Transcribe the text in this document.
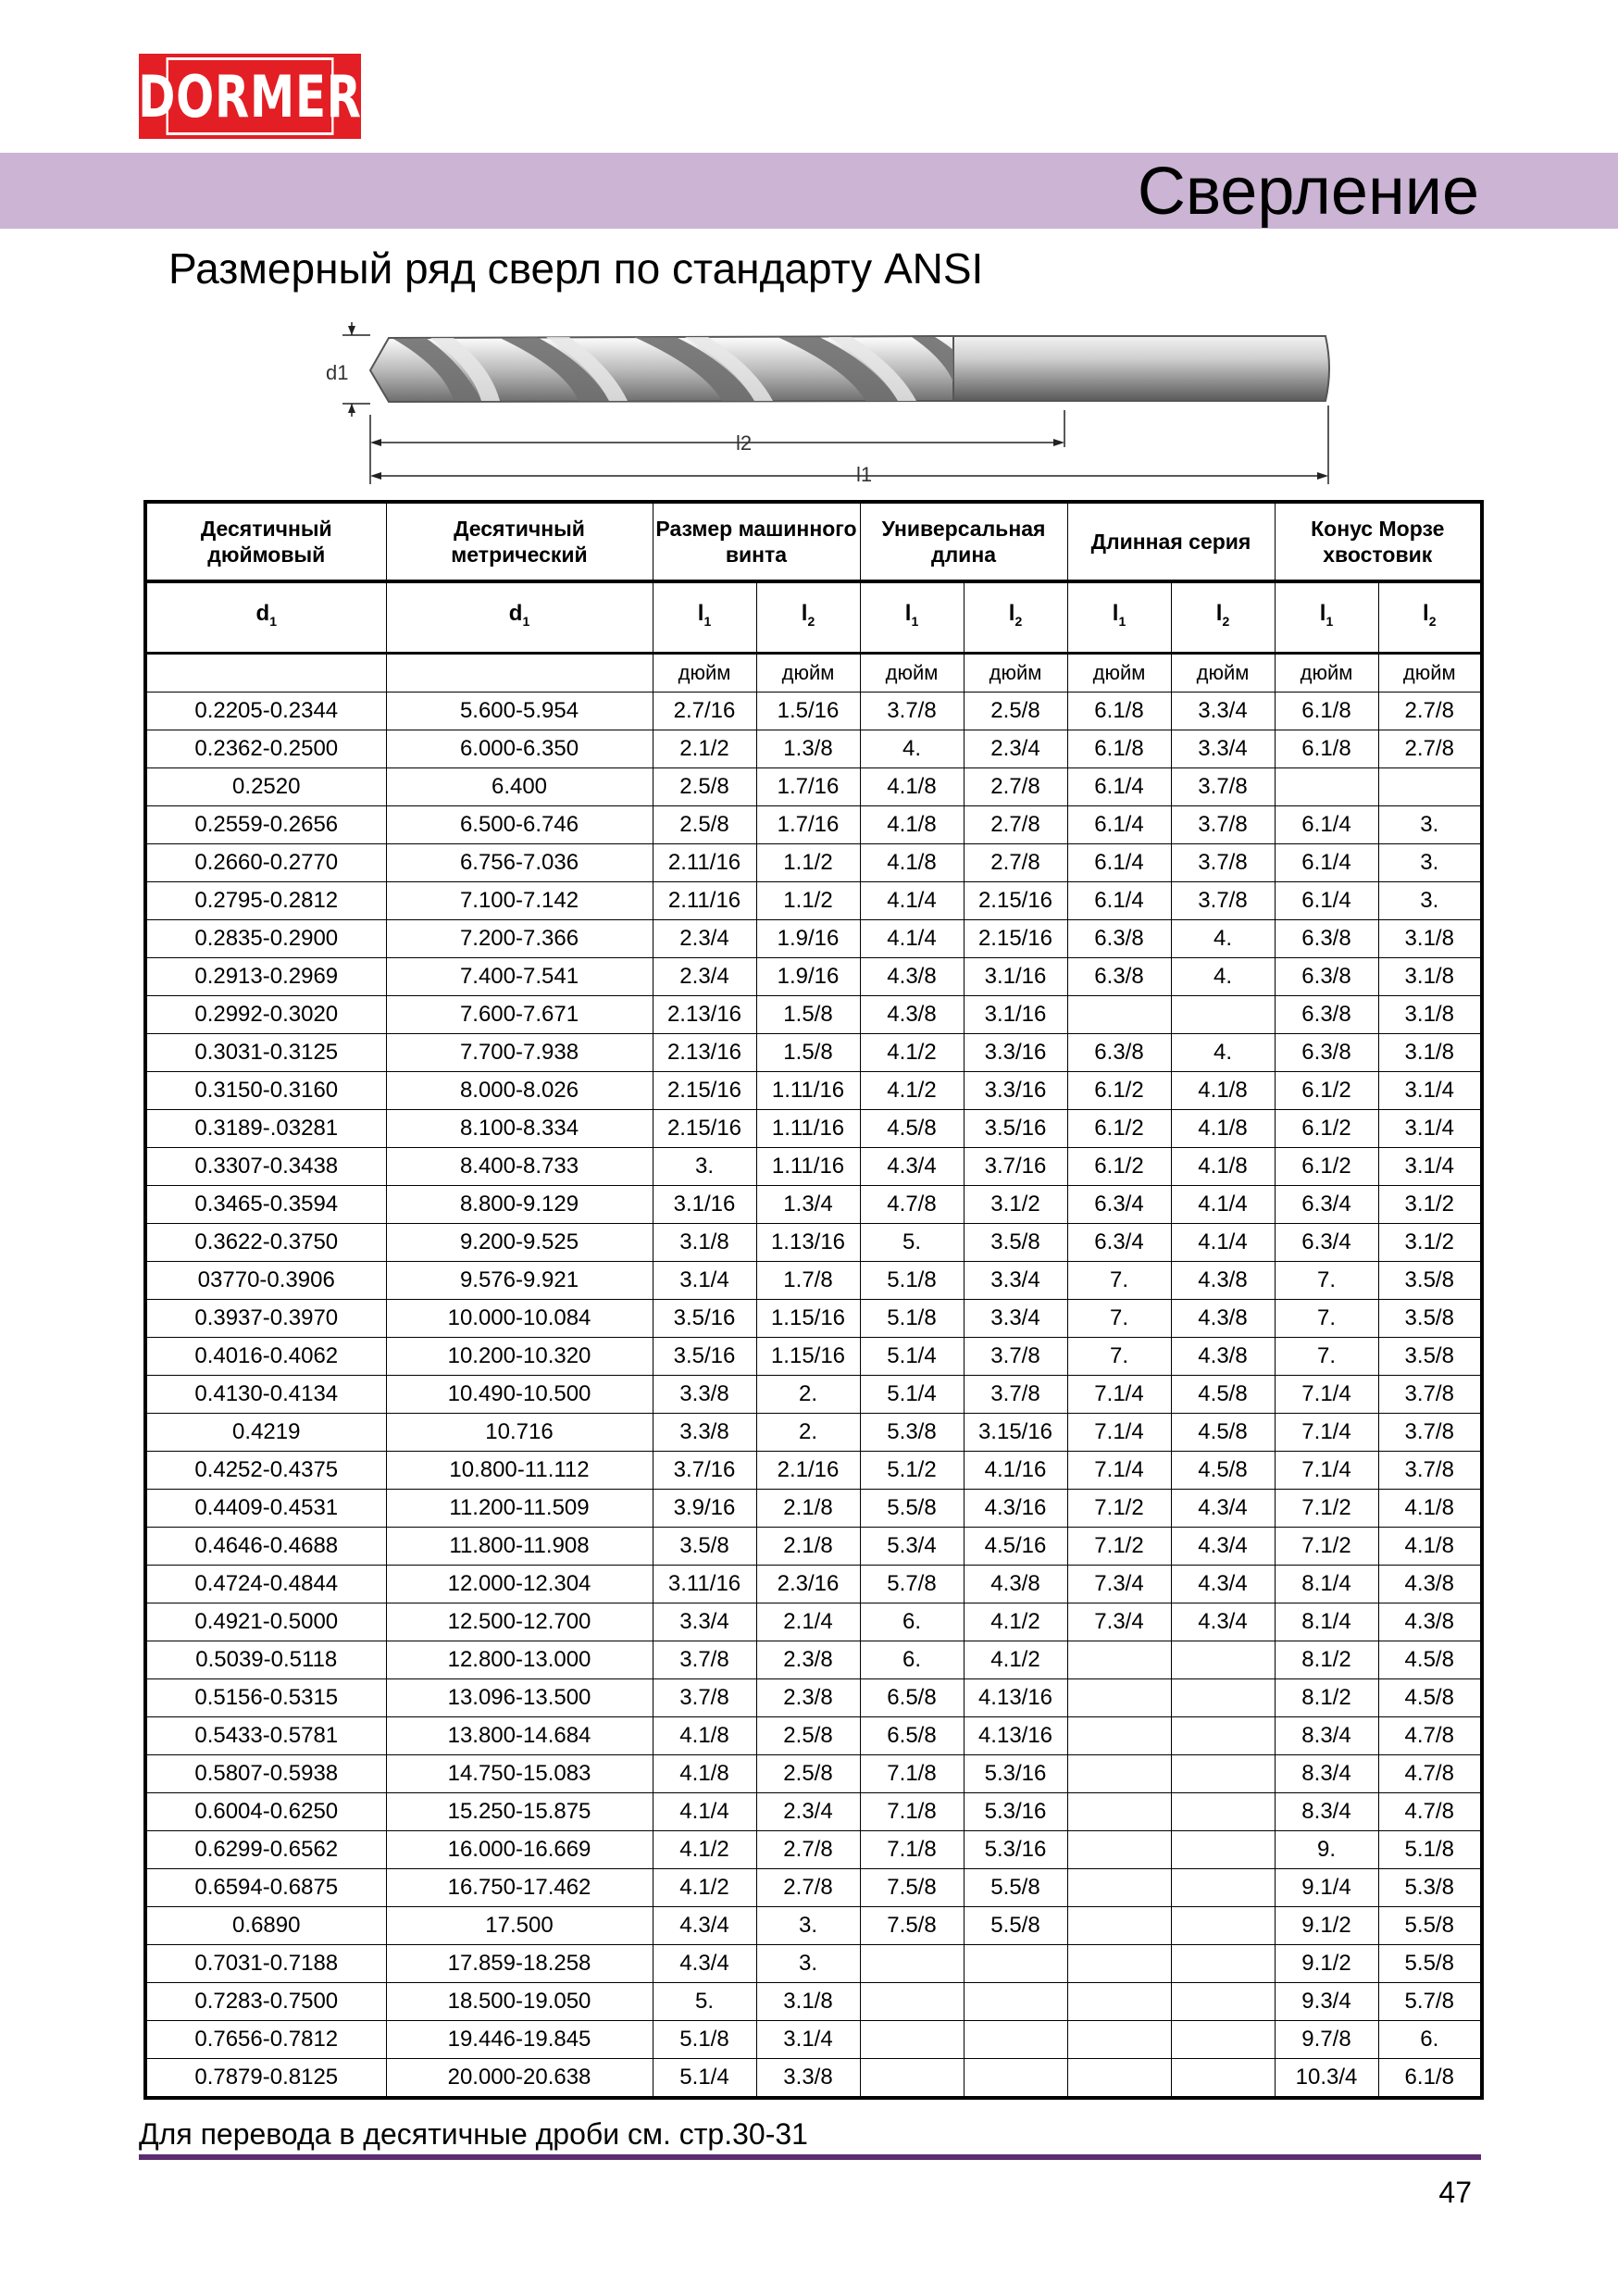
DORMER
Сверление
Размерный ряд сверл по стандарту ANSI
d1
l2
l1
Десятичный дюймовый	Десятичный метрический	Размер машинного винта		Универсальная длина		Длинная серия		Конус Морзе хвостовик	
$d_1$	$d_1$	$l_1$	$l_2$	$l_1$	$l_2$	$l_1$	$l_2$	$l_1$	$l_2$
		дюйм	дюйм	дюйм	дюйм	дюйм	дюйм	дюйм	дюйм
0.2205-0.2344	5.600-5.954	2.7/16	1.5/16	3.7/8	2.5/8	6.1/8	3.3/4	6.1/8	2.7/8
0.2362-0.2500	6.000-6.350	2.1/2	1.3/8	4.	2.3/4	6.1/8	3.3/4	6.1/8	2.7/8
0.2520	6.400	2.5/8	1.7/16	4.1/8	2.7/8	6.1/4	3.7/8		
0.2559-0.2656	6.500-6.746	2.5/8	1.7/16	4.1/8	2.7/8	6.1/4	3.7/8	6.1/4	3.
0.2660-0.2770	6.756-7.036	2.11/16	1.1/2	4.1/8	2.7/8	6.1/4	3.7/8	6.1/4	3.
0.2795-0.2812	7.100-7.142	2.11/16	1.1/2	4.1/4	2.15/16	6.1/4	3.7/8	6.1/4	3.
0.2835-0.2900	7.200-7.366	2.3/4	1.9/16	4.1/4	2.15/16	6.3/8	4.	6.3/8	3.1/8
0.2913-0.2969	7.400-7.541	2.3/4	1.9/16	4.3/8	3.1/16	6.3/8	4.	6.3/8	3.1/8
0.2992-0.3020	7.600-7.671	2.13/16	1.5/8	4.3/8	3.1/16			6.3/8	3.1/8
0.3031-0.3125	7.700-7.938	2.13/16	1.5/8	4.1/2	3.3/16	6.3/8	4.	6.3/8	3.1/8
0.3150-0.3160	8.000-8.026	2.15/16	1.11/16	4.1/2	3.3/16	6.1/2	4.1/8	6.1/2	3.1/4
0.3189-.03281	8.100-8.334	2.15/16	1.11/16	4.5/8	3.5/16	6.1/2	4.1/8	6.1/2	3.1/4
0.3307-0.3438	8.400-8.733	3.	1.11/16	4.3/4	3.7/16	6.1/2	4.1/8	6.1/2	3.1/4
0.3465-0.3594	8.800-9.129	3.1/16	1.3/4	4.7/8	3.1/2	6.3/4	4.1/4	6.3/4	3.1/2
0.3622-0.3750	9.200-9.525	3.1/8	1.13/16	5.	3.5/8	6.3/4	4.1/4	6.3/4	3.1/2
03770-0.3906	9.576-9.921	3.1/4	1.7/8	5.1/8	3.3/4	7.	4.3/8	7.	3.5/8
0.3937-0.3970	10.000-10.084	3.5/16	1.15/16	5.1/8	3.3/4	7.	4.3/8	7.	3.5/8
0.4016-0.4062	10.200-10.320	3.5/16	1.15/16	5.1/4	3.7/8	7.	4.3/8	7.	3.5/8
0.4130-0.4134	10.490-10.500	3.3/8	2.	5.1/4	3.7/8	7.1/4	4.5/8	7.1/4	3.7/8
0.4219	10.716	3.3/8	2.	5.3/8	3.15/16	7.1/4	4.5/8	7.1/4	3.7/8
0.4252-0.4375	10.800-11.112	3.7/16	2.1/16	5.1/2	4.1/16	7.1/4	4.5/8	7.1/4	3.7/8
0.4409-0.4531	11.200-11.509	3.9/16	2.1/8	5.5/8	4.3/16	7.1/2	4.3/4	7.1/2	4.1/8
0.4646-0.4688	11.800-11.908	3.5/8	2.1/8	5.3/4	4.5/16	7.1/2	4.3/4	7.1/2	4.1/8
0.4724-0.4844	12.000-12.304	3.11/16	2.3/16	5.7/8	4.3/8	7.3/4	4.3/4	8.1/4	4.3/8
0.4921-0.5000	12.500-12.700	3.3/4	2.1/4	6.	4.1/2	7.3/4	4.3/4	8.1/4	4.3/8
0.5039-0.5118	12.800-13.000	3.7/8	2.3/8	6.	4.1/2			8.1/2	4.5/8
0.5156-0.5315	13.096-13.500	3.7/8	2.3/8	6.5/8	4.13/16			8.1/2	4.5/8
0.5433-0.5781	13.800-14.684	4.1/8	2.5/8	6.5/8	4.13/16			8.3/4	4.7/8
0.5807-0.5938	14.750-15.083	4.1/8	2.5/8	7.1/8	5.3/16			8.3/4	4.7/8
0.6004-0.6250	15.250-15.875	4.1/4	2.3/4	7.1/8	5.3/16			8.3/4	4.7/8
0.6299-0.6562	16.000-16.669	4.1/2	2.7/8	7.1/8	5.3/16			9.	5.1/8
0.6594-0.6875	16.750-17.462	4.1/2	2.7/8	7.5/8	5.5/8			9.1/4	5.3/8
0.6890	17.500	4.3/4	3.	7.5/8	5.5/8			9.1/2	5.5/8
0.7031-0.7188	17.859-18.258	4.3/4	3.					9.1/2	5.5/8
0.7283-0.7500	18.500-19.050	5.	3.1/8					9.3/4	5.7/8
0.7656-0.7812	19.446-19.845	5.1/8	3.1/4					9.7/8	6.
0.7879-0.8125	20.000-20.638	5.1/4	3.3/8					10.3/4	6.1/8
Для перевода в десятичные дроби см. стр.30-31
47
